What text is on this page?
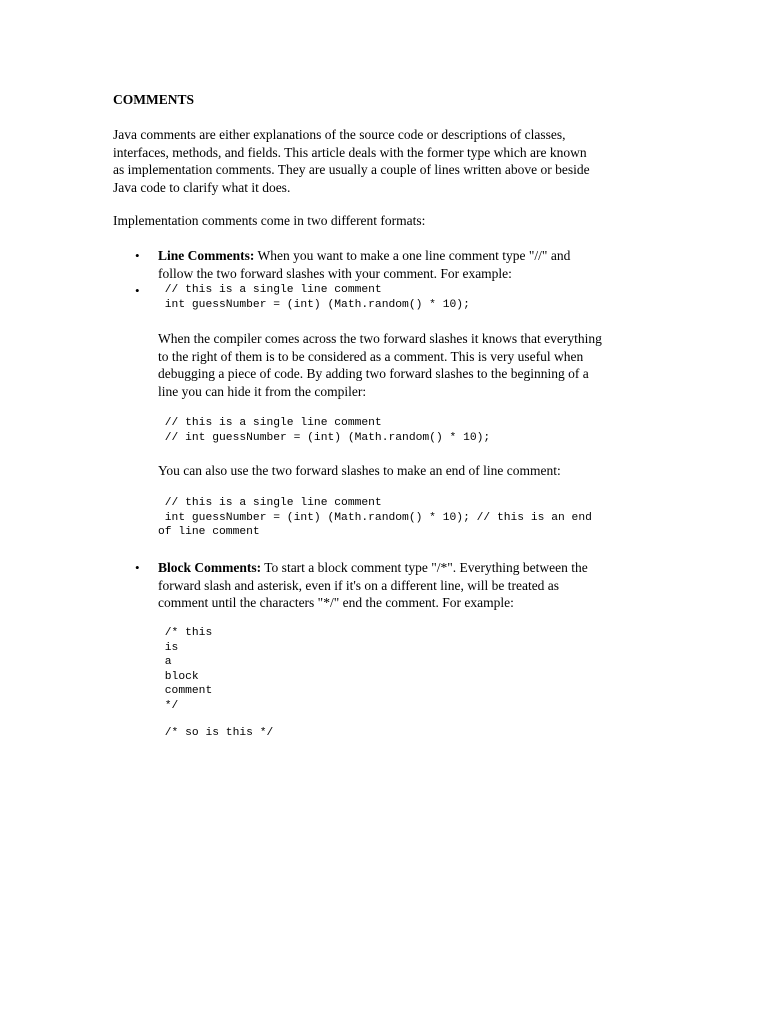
COMMENTS

Java comments are either explanations of the source code or descriptions of classes,

interfaces, methods, and fields. This article deals with the former type which are known

as implementation comments. They are usually a couple of lines written above or beside

Java code to clarify what it does.

Implementation comments come in two different formats:

• Line Comments: When you want to make a one line comment type "//" and

follow the two forward slashes with your comment. For example:

• // this is a single line comment

int guessNumber = (int) (Math.random() * 10);

When the compiler comes across the two forward slashes it knows that everything

to the right of them is to be considered as a comment. This is very useful when

debugging a piece of code. By adding two forward slashes to the beginning of a

line you can hide it from the compiler:

// this is a single line comment

// int guessNumber = (int) (Math.random() * 10);

You can also use the two forward slashes to make an end of line comment:

// this is a single line comment

int guessNumber = (int) (Math.random() * 10); // this is an end

of line comment

• Block Comments: To start a block comment type "/*". Everything between the

forward slash and asterisk, even if it's on a different line, will be treated as

comment until the characters "*/" end the comment. For example:

/* this

is

a

block

comment

*/

/* so is this */
